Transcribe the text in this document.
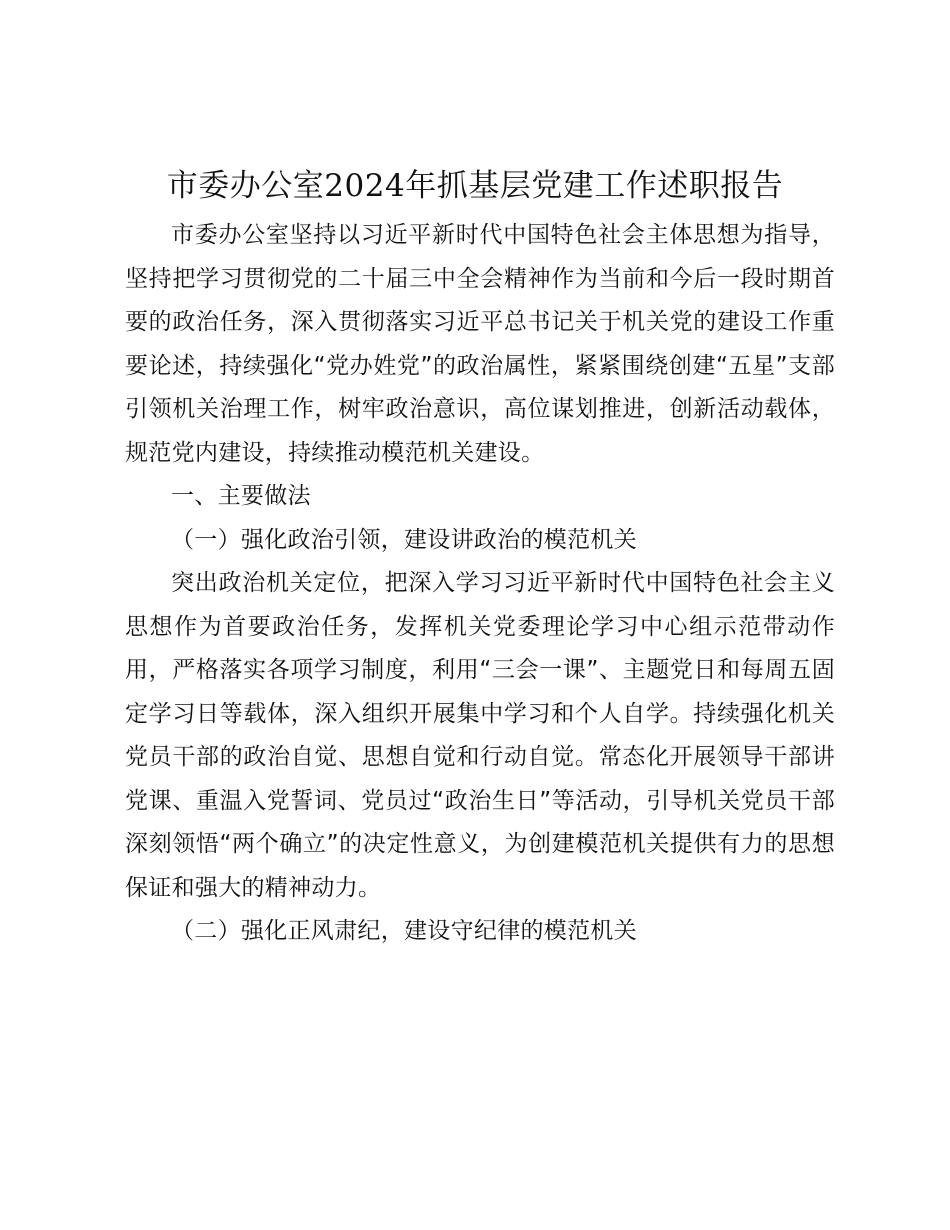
市委办公室2024年抓基层党建工作述职报告

市委办公室坚持以习近平新时代中国特色社会主体思想为指导，坚持把学习贯彻党的二十届三中全会精神作为当前和今后一段时期首要的政治任务，深入贯彻落实习近平总书记关于机关党的建设工作重要论述，持续强化“党办姓党”的政治属性，紧紧围绕创建“五星”支部引领机关治理工作，树牢政治意识，高位谋划推进，创新活动载体，规范党内建设，持续推动模范机关建设。

一、主要做法

（一）强化政治引领，建设讲政治的模范机关

突出政治机关定位，把深入学习习近平新时代中国特色社会主义思想作为首要政治任务，发挥机关党委理论学习中心组示范带动作用，严格落实各项学习制度，利用“三会一课”、主题党日和每周五固定学习日等载体，深入组织开展集中学习和个人自学。持续强化机关党员干部的政治自觉、思想自觉和行动自觉。常态化开展领导干部讲党课、重温入党誓词、党员过“政治生日”等活动，引导机关党员干部深刻领悟“两个确立”的决定性意义，为创建模范机关提供有力的思想保证和强大的精神动力。

（二）强化正风肃纪，建设守纪律的模范机关
